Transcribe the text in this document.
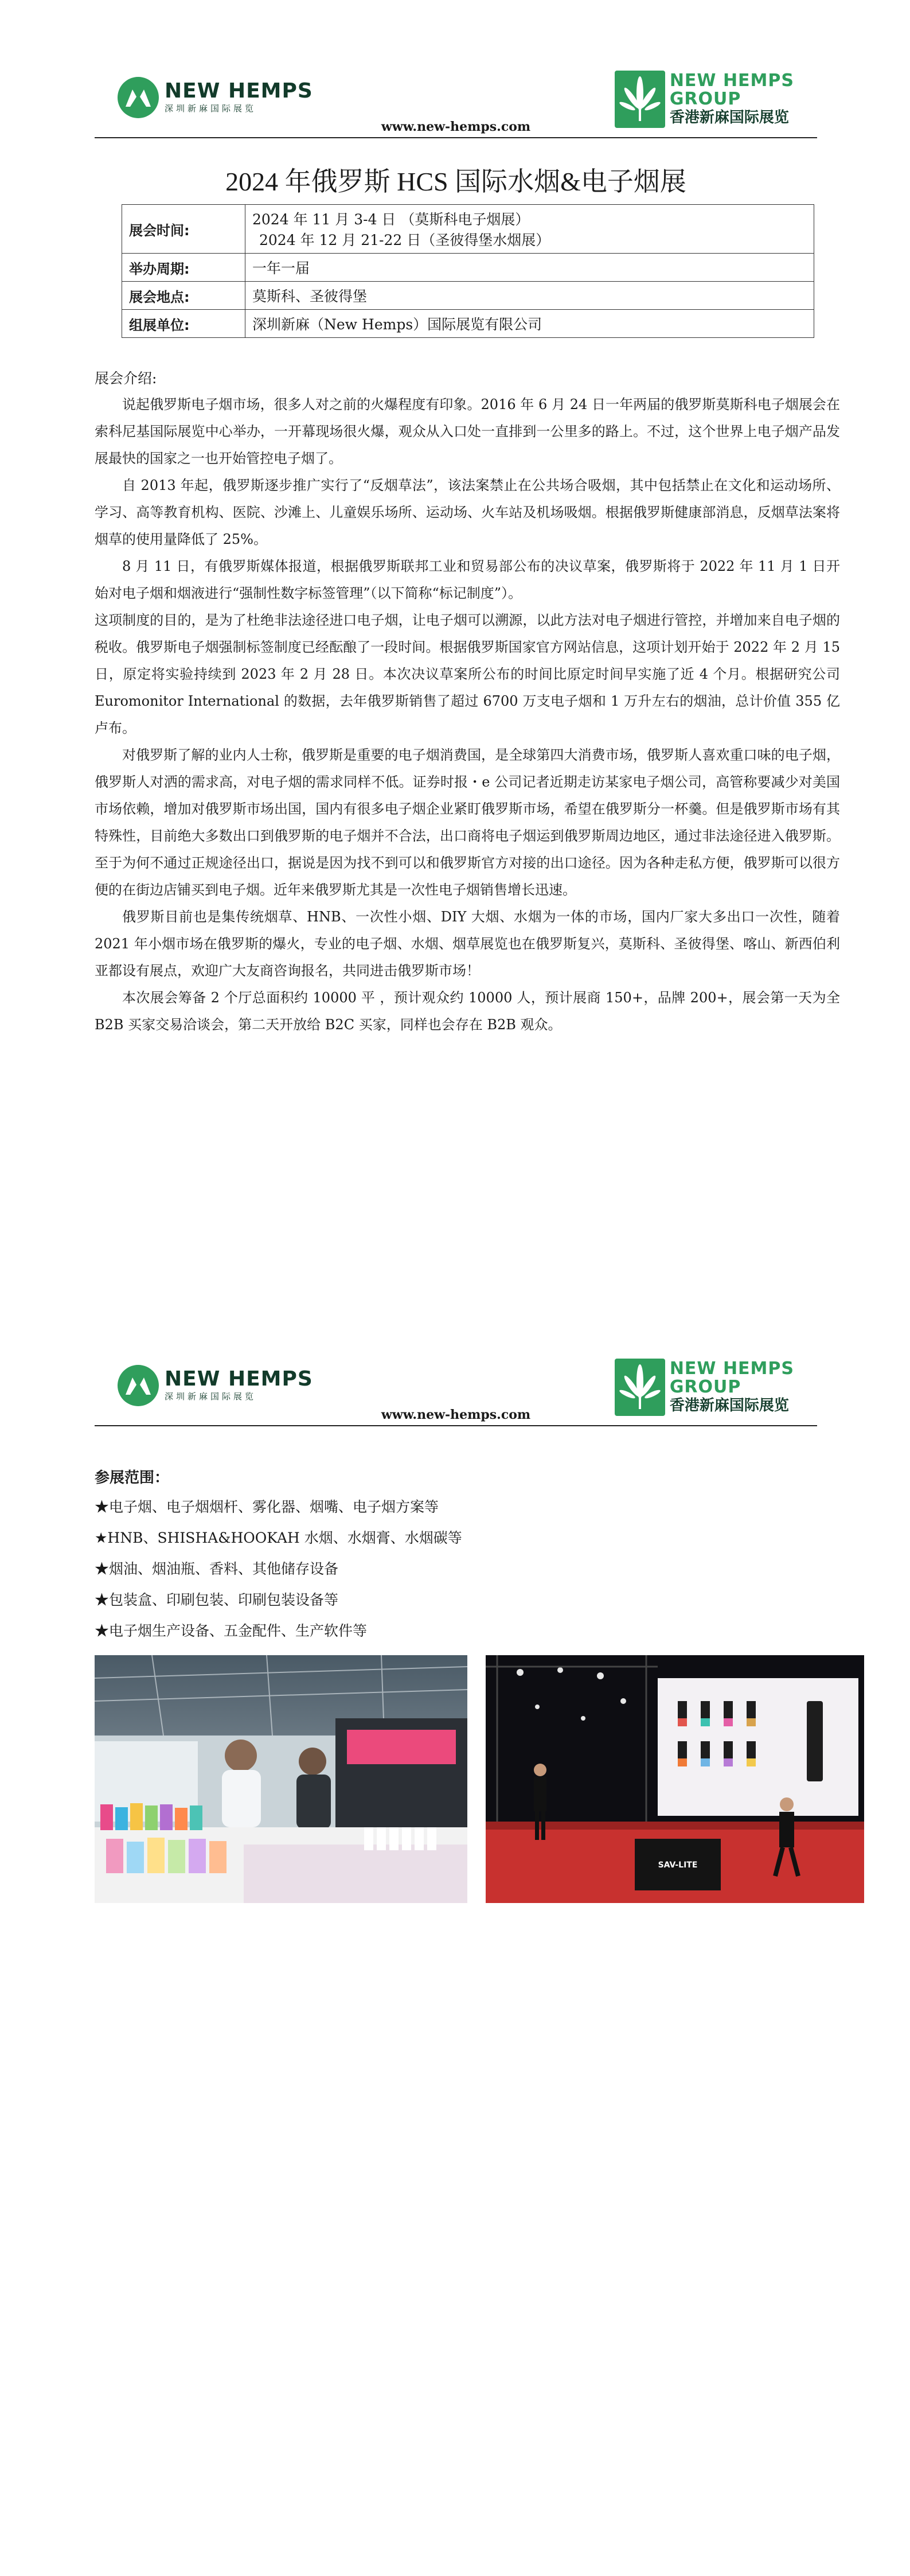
NEW HEMPS
深圳新麻国际展览
NEW HEMPS
GROUP
香港新麻国际展览
www.new-hemps.com
2024 年俄罗斯 HCS 国际水烟&电子烟展
展会时间:	2024 年 11 月 3-4 日 （莫斯科电子烟展）
2024 年 12 月 21-22 日（圣彼得堡水烟展）

举办周期:	一年一届
展会地点:	莫斯科、圣彼得堡
组展单位:	深圳新麻（New Hemps）国际展览有限公司
展会介绍:

说起俄罗斯电子烟市场，很多人对之前的火爆程度有印象。2016 年 6 月 24 日一年两届的俄罗斯莫斯科电子烟展会在索科尼基国际展览中心举办，一开幕现场很火爆，观众从入口处一直排到一公里多的路上。不过，这个世界上电子烟产品发展最快的国家之一也开始管控电子烟了。

自 2013 年起，俄罗斯逐步推广实行了“反烟草法”，该法案禁止在公共场合吸烟，其中包括禁止在文化和运动场所、学习、高等教育机构、医院、沙滩上、儿童娱乐场所、运动场、火车站及机场吸烟。根据俄罗斯健康部消息，反烟草法案将烟草的使用量降低了 25%。

8 月 11 日，有俄罗斯媒体报道，根据俄罗斯联邦工业和贸易部公布的决议草案，俄罗斯将于 2022 年 11 月 1 日开始对电子烟和烟液进行“强制性数字标签管理”（以下简称“标记制度”）。

这项制度的目的，是为了杜绝非法途径进口电子烟，让电子烟可以溯源，以此方法对电子烟进行管控，并增加来自电子烟的税收。俄罗斯电子烟强制标签制度已经酝酿了一段时间。根据俄罗斯国家官方网站信息，这项计划开始于 2022 年 2 月 15 日，原定将实验持续到 2023 年 2 月 28 日。本次决议草案所公布的时间比原定时间早实施了近 4 个月。根据研究公司 Euromonitor International 的数据，去年俄罗斯销售了超过 6700 万支电子烟和 1 万升左右的烟油，总计价值 355 亿卢布。

对俄罗斯了解的业内人士称，俄罗斯是重要的电子烟消费国，是全球第四大消费市场，俄罗斯人喜欢重口味的电子烟，俄罗斯人对洒的需求高，对电子烟的需求同样不低。证券时报・e 公司记者近期走访某家电子烟公司，高管称要减少对美国市场依赖，增加对俄罗斯市场出国，国内有很多电子烟企业紧盯俄罗斯市场，希望在俄罗斯分一杯羹。但是俄罗斯市场有其特殊性，目前绝大多数出口到俄罗斯的电子烟并不合法，出口商将电子烟运到俄罗斯周边地区，通过非法途径进入俄罗斯。至于为何不通过正规途径出口，据说是因为找不到可以和俄罗斯官方对接的出口途径。因为各种走私方便，俄罗斯可以很方便的在街边店铺买到电子烟。近年来俄罗斯尤其是一次性电子烟销售增长迅速。

俄罗斯目前也是集传统烟草、HNB、一次性小烟、DIY 大烟、水烟为一体的市场，国内厂家大多出口一次性，随着 2021 年小烟市场在俄罗斯的爆火，专业的电子烟、水烟、烟草展览也在俄罗斯复兴，莫斯科、圣彼得堡、喀山、新西伯利亚都设有展点，欢迎广大友商咨询报名，共同进击俄罗斯市场！

本次展会筹备 2 个厅总面积约 10000 平 ，预计观众约 10000 人，预计展商 150+，品牌 200+，展会第一天为全 B2B 买家交易洽谈会，第二天开放给 B2C 买家，同样也会存在 B2B 观众。

NEW HEMPS
深圳新麻国际展览
NEW HEMPS
GROUP
香港新麻国际展览
www.new-hemps.com
参展范围：
★电子烟、电子烟烟杆、雾化器、烟嘴、电子烟方案等
★HNB、SHISHA&HOOKAH 水烟、水烟膏、水烟碳等
★烟油、烟油瓶、香料、其他储存设备
★包装盒、印刷包装、印刷包装设备等
★电子烟生产设备、五金配件、生产软件等
SAV-LITE
